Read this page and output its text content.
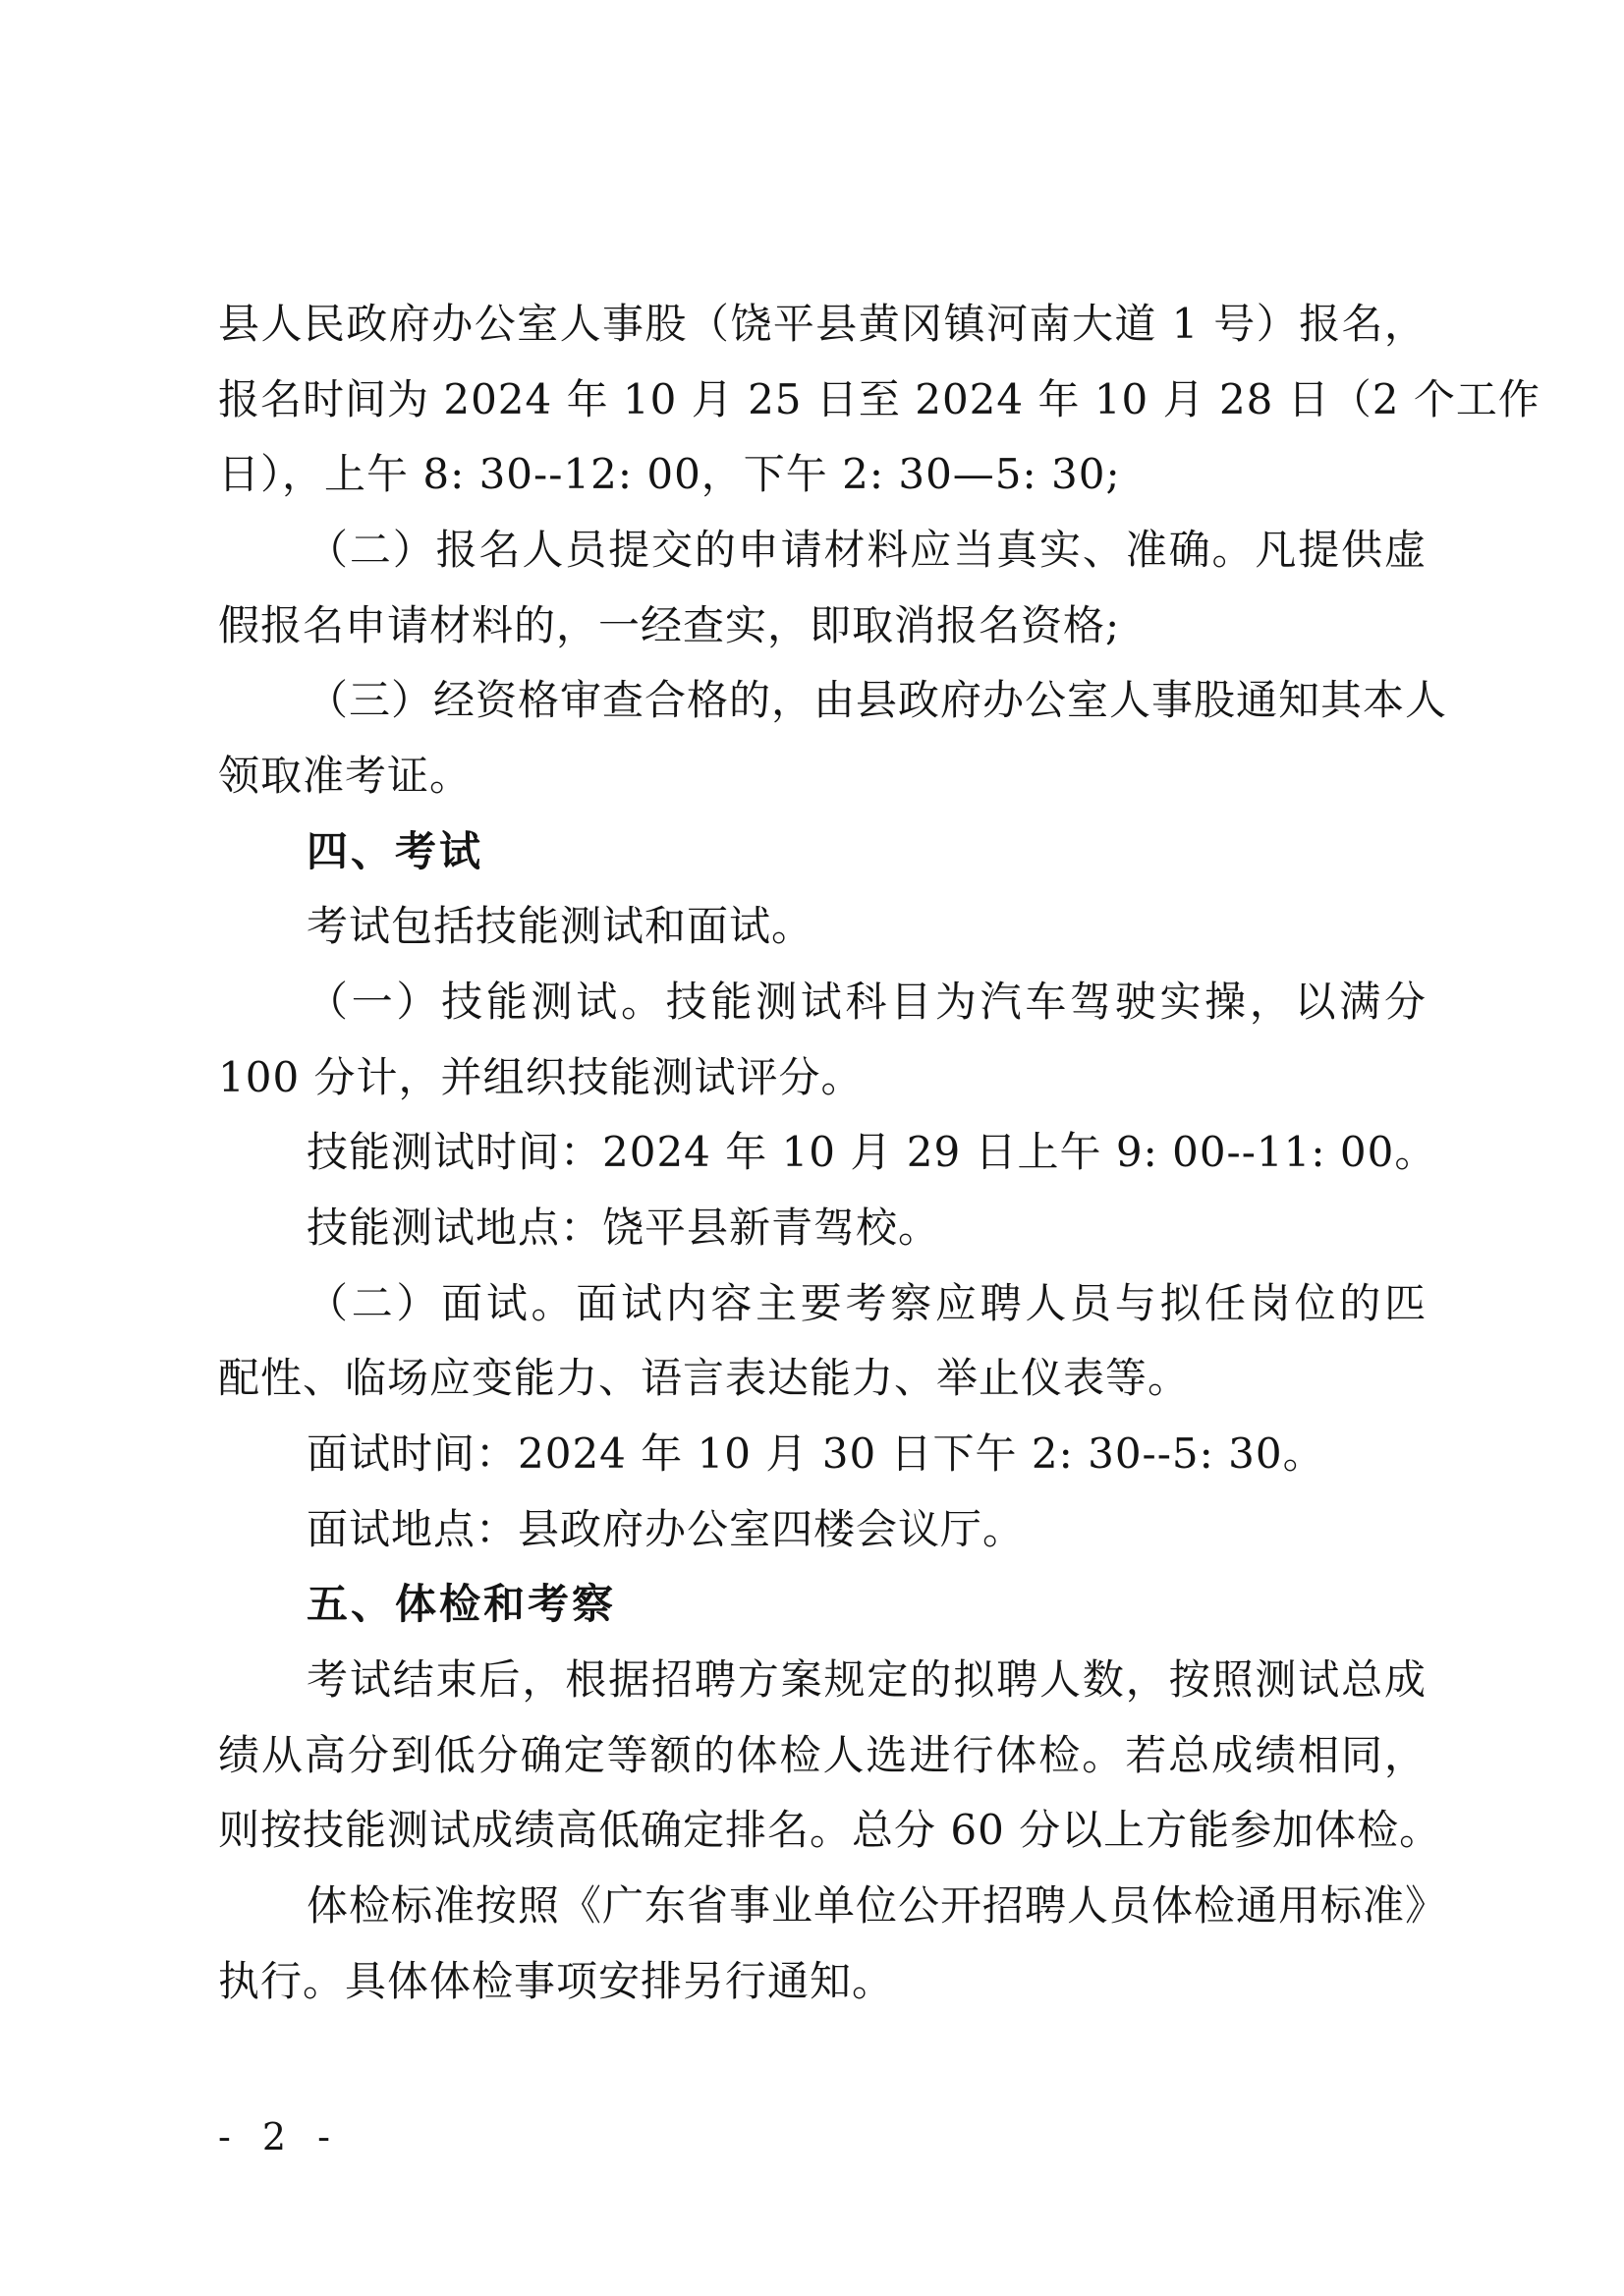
县人民政府办公室人事股（饶平县黄冈镇河南大道 1 号）报名，
报名时间为 2024 年 10 月 25 日至 2024 年 10 月 28 日（2 个工作
日），上午 8: 30--12: 00，下午 2: 30—5: 30;
（二）报名人员提交的申请材料应当真实、准确。凡提供虚
假报名申请材料的，一经查实，即取消报名资格;
（三）经资格审查合格的，由县政府办公室人事股通知其本人
领取准考证。
四、考试
考试包括技能测试和面试。
（一）技能测试。技能测试科目为汽车驾驶实操，以满分
100 分计，并组织技能测试评分。
技能测试时间：2024 年 10 月 29 日上午 9: 00--11: 00。
技能测试地点：饶平县新青驾校。
（二）面试。面试内容主要考察应聘人员与拟任岗位的匹
配性、临场应变能力、语言表达能力、举止仪表等。
面试时间：2024 年 10 月 30 日下午 2: 30--5: 30。
面试地点：县政府办公室四楼会议厅。
五、体检和考察
考试结束后，根据招聘方案规定的拟聘人数，按照测试总成
绩从高分到低分确定等额的体检人选进行体检。若总成绩相同，
则按技能测试成绩高低确定排名。总分 60 分以上方能参加体检。
体检标准按照《广东省事业单位公开招聘人员体检通用标准》
执行。具体体检事项安排另行通知。
- 2 -
